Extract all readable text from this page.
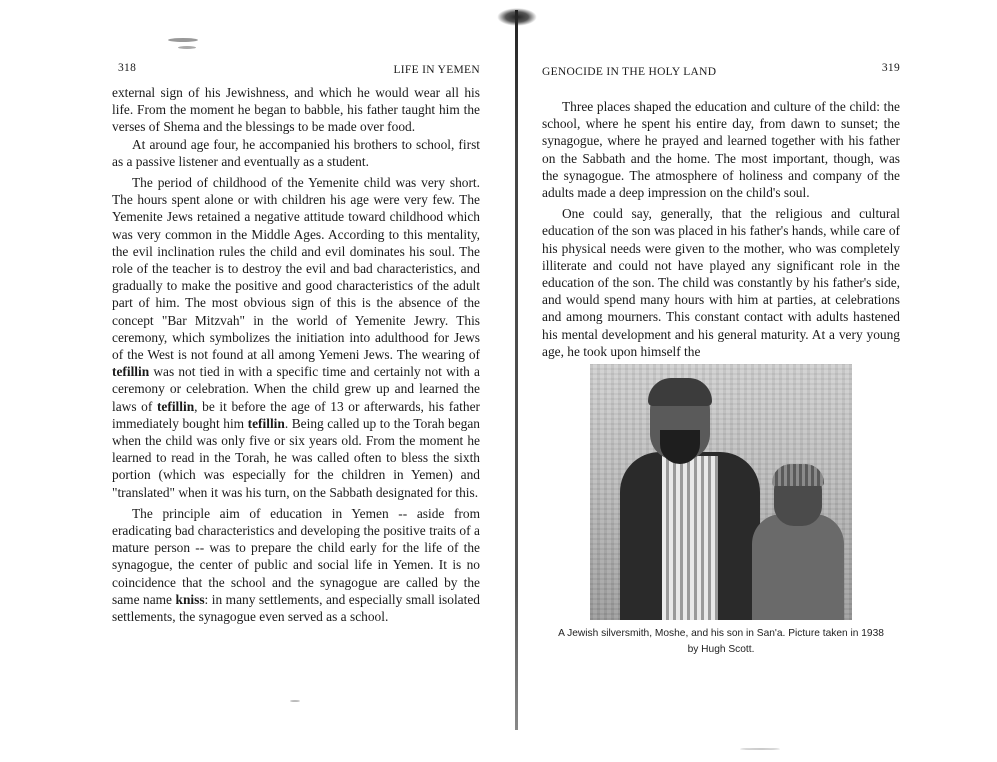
318	LIFE IN YEMEN

external sign of his Jewishness, and which he would wear all his life. From the moment he began to babble, his father taught him the verses of Shema and the blessings to be made over food.

At around age four, he accompanied his brothers to school, first as a passive listener and eventually as a student.

The period of childhood of the Yemenite child was very short. The hours spent alone or with children his age were very few. The Yemenite Jews retained a negative attitude toward childhood which was very common in the Middle Ages. According to this mentality, the evil inclination rules the child and evil dominates his soul. The role of the teacher is to destroy the evil and bad characteristics, and gradually to make the positive and good characteristics of the adult part of him. The most obvious sign of this is the absence of the concept "Bar Mitzvah" in the world of Yemenite Jewry. This ceremony, which symbolizes the initiation into adulthood for Jews of the West is not found at all among Yemeni Jews. The wearing of tefillin was not tied in with a specific time and certainly not with a ceremony or celebration. When the child grew up and learned the laws of tefillin, be it before the age of 13 or afterwards, his father immediately bought him tefillin. Being called up to the Torah began when the child was only five or six years old. From the moment he learned to read in the Torah, he was called often to bless the sixth portion (which was especially for the children in Yemen) and "translated" when it was his turn, on the Sabbath designated for this.

The principle aim of education in Yemen -- aside from eradicating bad characteristics and developing the positive traits of a mature person -- was to prepare the child early for the life of the synagogue, the center of public and social life in Yemen. It is no coincidence that the school and the synagogue are called by the same name kniss: in many settlements, and especially small isolated settlements, the synagogue even served as a school.

GENOCIDE IN THE HOLY LAND	319

Three places shaped the education and culture of the child: the school, where he spent his entire day, from dawn to sunset; the synagogue, where he prayed and learned together with his father on the Sabbath and the home. The most important, though, was the synagogue. The atmosphere of holiness and company of the adults made a deep impression on the child's soul.

One could say, generally, that the religious and cultural education of the son was placed in his father's hands, while care of his physical needs were given to the mother, who was completely illiterate and could not have played any significant role in the education of the son. The child was constantly by his father's side, and would spend many hours with him at parties, at celebrations and among mourners. This constant contact with adults hastened his mental development and his general maturity. At a very young age, he took upon himself the

A Jewish silversmith, Moshe, and his son in San'a. Picture taken in 1938
by Hugh Scott.
